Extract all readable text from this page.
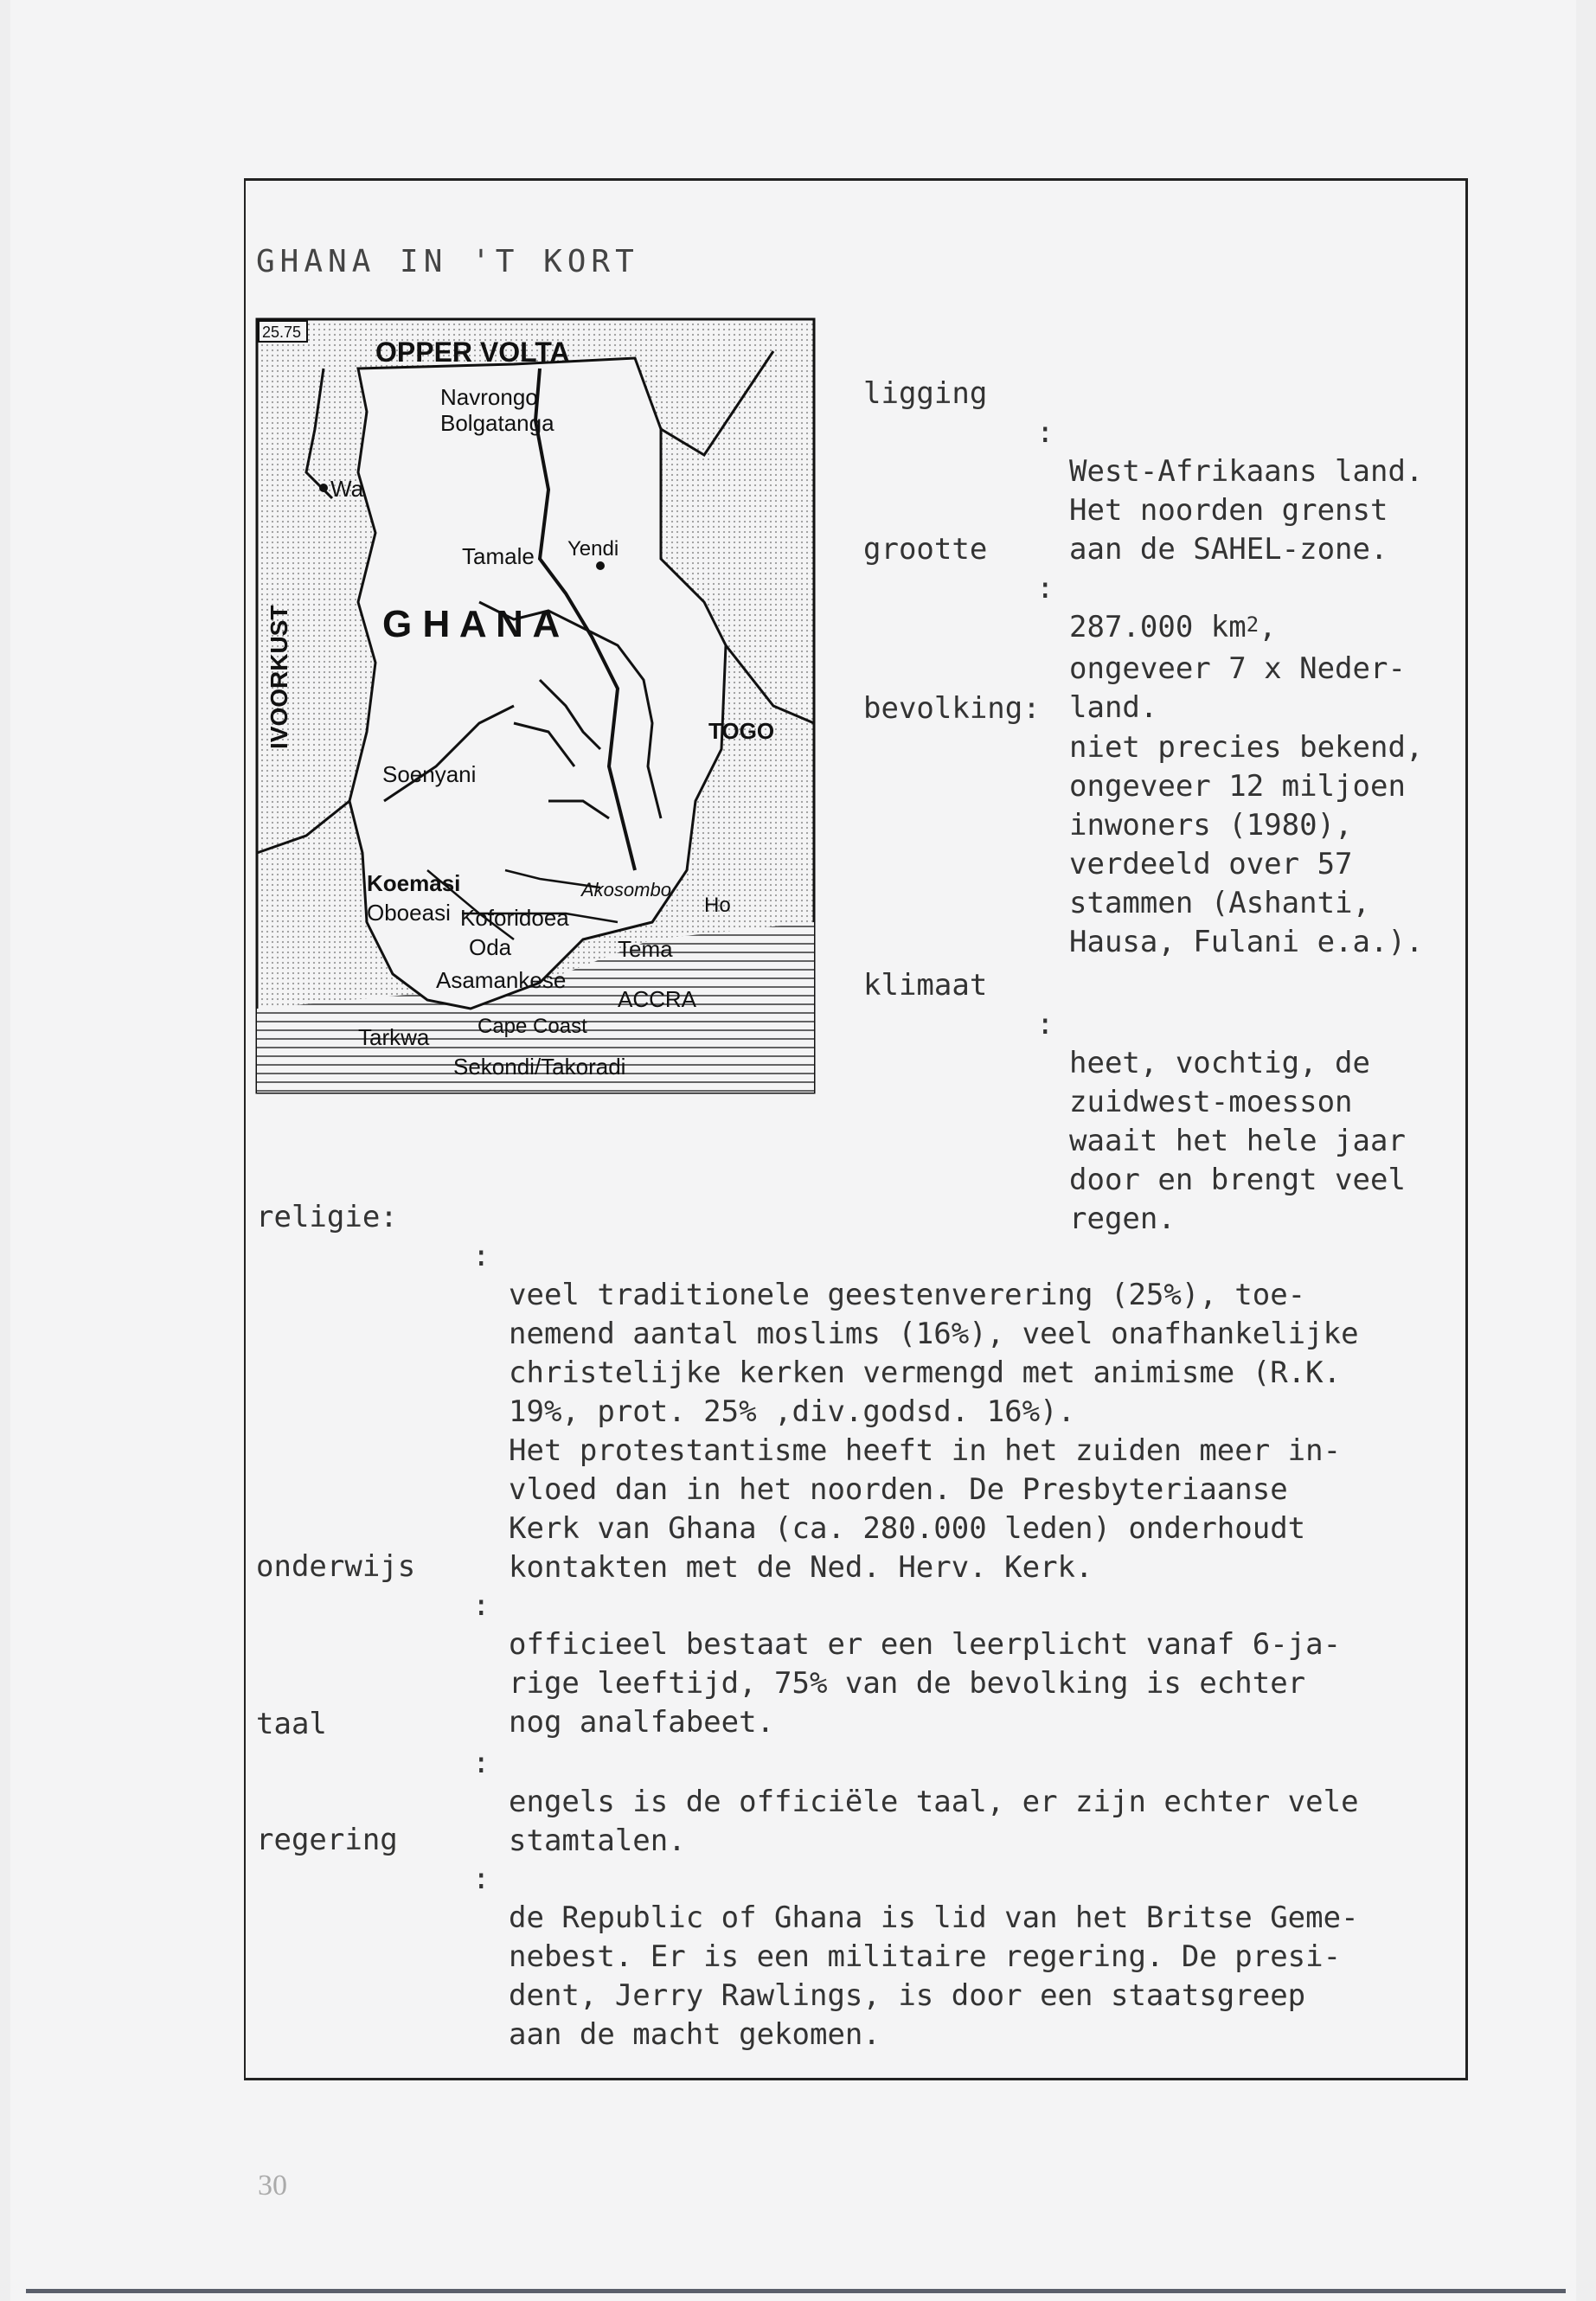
GHANA IN 'T KORT
25.75
OPPER VOLTA
Navrongo
Bolgatanga
Wa
Tamale Yendi
G H A N A
IVOORKUST	TOGO
Soenyani
Koemasi
Oboeasi
Akosombo
Ho
Koforidoea
Oda	Tema
Asamankese
ACCRA
Tarkwa Cape Coast
Sekondi/Takoradi

ligging

:

West-Afrikaans land.
Het noorden grenst
aan de SAHEL-zone.

grootte

:

287.000 $km^2$,
ongeveer 7 x Neder-
land.

bevolking:

niet precies bekend,
ongeveer 12 miljoen
inwoners (1980),
verdeeld over 57
stammen (Ashanti,
Hausa, Fulani e.a.).

klimaat

:

heet, vochtig, de
zuidwest-moesson
waait het hele jaar
door en brengt veel
regen.

religie:

:

veel traditionele geestenverering (25%), toe-
nemend aantal moslims (16%), veel onafhankelijke
christelijke kerken vermengd met animisme (R.K.
19%, prot. 25% ,div.godsd. 16%).
Het protestantisme heeft in het zuiden meer in-
vloed dan in het noorden. De Presbyteriaanse
Kerk van Ghana (ca. 280.000 leden) onderhoudt
kontakten met de Ned. Herv. Kerk.

onderwijs

:

officieel bestaat er een leerplicht vanaf 6-ja-
rige leeftijd, 75% van de bevolking is echter
nog analfabeet.

taal

:

engels is de officiële taal, er zijn echter vele
stamtalen.

regering

:

de Republic of Ghana is lid van het Britse Geme-
nebest. Er is een militaire regering. De presi-
dent, Jerry Rawlings, is door een staatsgreep
aan de macht gekomen.

30
